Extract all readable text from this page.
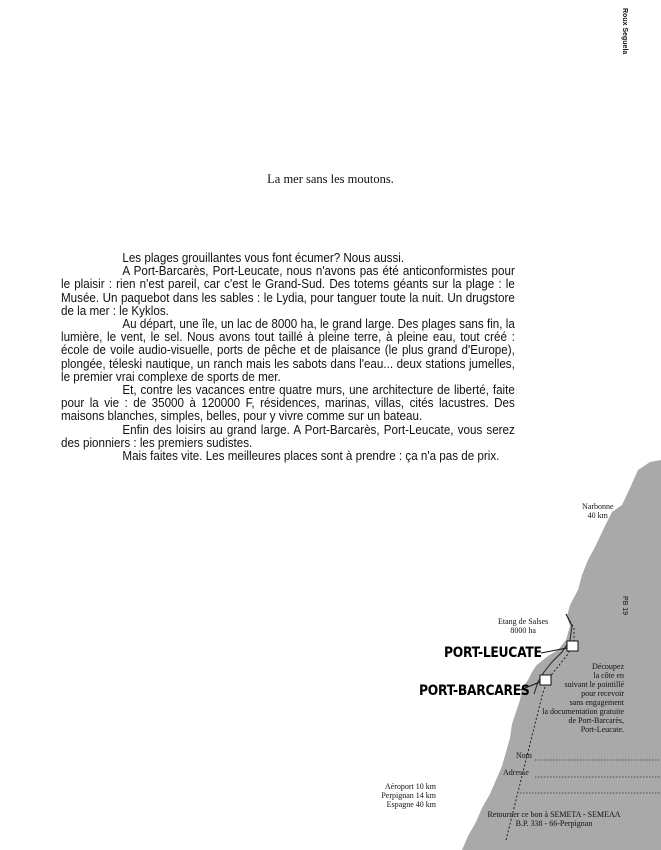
Roux Seguela
La mer sans les moutons.

Les plages grouillantes vous font écumer? Nous aussi.

A Port-Barcarès, Port-Leucate, nous n'avons pas été anticonformistes pour le plaisir : rien n'est pareil, car c'est le Grand-Sud. Des totems géants sur la plage : le Musée. Un paquebot dans les sables : le Lydia, pour tanguer toute la nuit. Un drugstore de la mer : le Kyklos.

Au départ, une île, un lac de 8000 ha, le grand large. Des plages sans fin, la lumière, le vent, le sel. Nous avons tout taillé à pleine terre, à pleine eau, tout créé : école de voile audio-visuelle, ports de pêche et de plaisance (le plus grand d'Europe), plongée, téleski nautique, un ranch mais les sabots dans l'eau... deux stations jumelles, le premier vrai complexe de sports de mer.

Et, contre les vacances entre quatre murs, une architecture de liberté, faite pour la vie : de 35000 à 120000 F, résidences, marinas, villas, cités lacustres. Des maisons blanches, simples, belles, pour y vivre comme sur un bateau.

Enfin des loisirs au grand large. A Port-Barcarès, Port-Leucate, vous serez des pionniers : les premiers sudistes.

Mais faites vite. Les meilleures places sont à prendre : ça n'a pas de prix.

Narbonne
40 km
Etang de Salses
8000 ha
PB 19
PORT-LEUCATE
PORT-BARCARES
Découpez
la côte en
suivant le pointillé
pour recevoir
sans engagement
la documentation gratuite
de Port-Barcarès,
Port-Leucate.
Nom
Adresse
Aéroport 10 km
Perpignan 14 km
Espagne 40 km
Retourner ce bon à SEMETA - SEMEAA
B.P. 338 - 66-Perpignan
